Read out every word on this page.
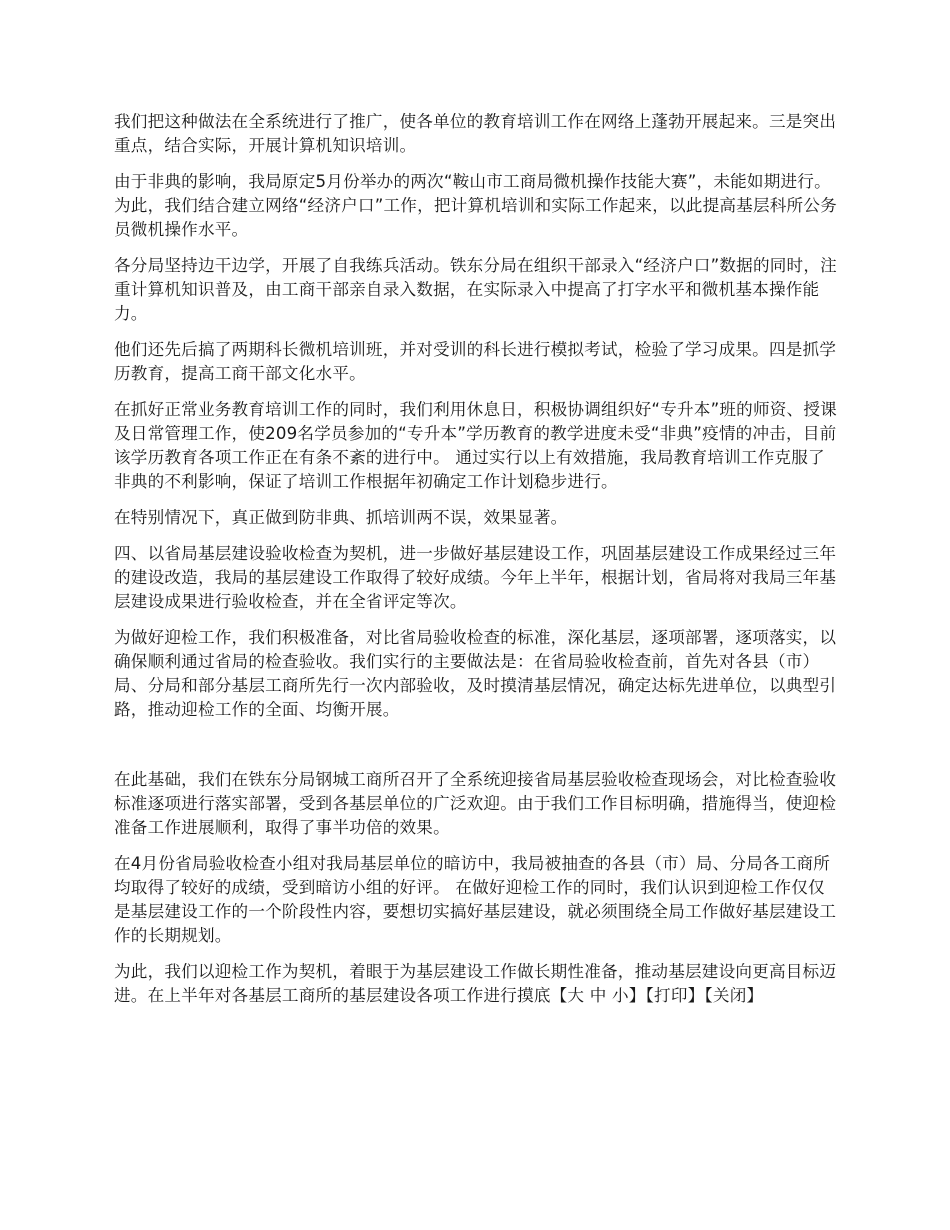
我们把这种做法在全系统进行了推广，使各单位的教育培训工作在网络上蓬勃开展起来。三是突出重点，结合实际，开展计算机知识培训。

由于非典的影响，我局原定5月份举办的两次“鞍山市工商局微机操作技能大赛”，未能如期进行。为此，我们结合建立网络“经济户口”工作，把计算机培训和实际工作起来，以此提高基层科所公务员微机操作水平。

各分局坚持边干边学，开展了自我练兵活动。铁东分局在组织干部录入“经济户口”数据的同时，注重计算机知识普及，由工商干部亲自录入数据，在实际录入中提高了打字水平和微机基本操作能力。

他们还先后搞了两期科长微机培训班，并对受训的科长进行模拟考试，检验了学习成果。四是抓学历教育，提高工商干部文化水平。

在抓好正常业务教育培训工作的同时，我们利用休息日，积极协调组织好“专升本”班的师资、授课及日常管理工作，使209名学员参加的“专升本”学历教育的教学进度未受“非典”疫情的冲击，目前该学历教育各项工作正在有条不紊的进行中。 通过实行以上有效措施，我局教育培训工作克服了非典的不利影响，保证了培训工作根据年初确定工作计划稳步进行。

在特别情况下，真正做到防非典、抓培训两不误，效果显著。

四、以省局基层建设验收检查为契机，进一步做好基层建设工作，巩固基层建设工作成果经过三年的建设改造，我局的基层建设工作取得了较好成绩。今年上半年，根据计划，省局将对我局三年基层建设成果进行验收检查，并在全省评定等次。

为做好迎检工作，我们积极准备，对比省局验收检查的标准，深化基层，逐项部署，逐项落实，以确保顺利通过省局的检查验收。我们实行的主要做法是：在省局验收检查前，首先对各县（市）局、分局和部分基层工商所先行一次内部验收，及时摸清基层情况，确定达标先进单位，以典型引路，推动迎检工作的全面、均衡开展。

在此基础，我们在铁东分局钢城工商所召开了全系统迎接省局基层验收检查现场会，对比检查验收标准逐项进行落实部署，受到各基层单位的广泛欢迎。由于我们工作目标明确，措施得当，使迎检准备工作进展顺利，取得了事半功倍的效果。

在4月份省局验收检查小组对我局基层单位的暗访中，我局被抽查的各县（市）局、分局各工商所均取得了较好的成绩，受到暗访小组的好评。 在做好迎检工作的同时，我们认识到迎检工作仅仅是基层建设工作的一个阶段性内容，要想切实搞好基层建设，就必须围绕全局工作做好基层建设工作的长期规划。

为此，我们以迎检工作为契机，着眼于为基层建设工作做长期性准备，推动基层建设向更高目标迈进。在上半年对各基层工商所的基层建设各项工作进行摸底【大 中 小】【打印】【关闭】
